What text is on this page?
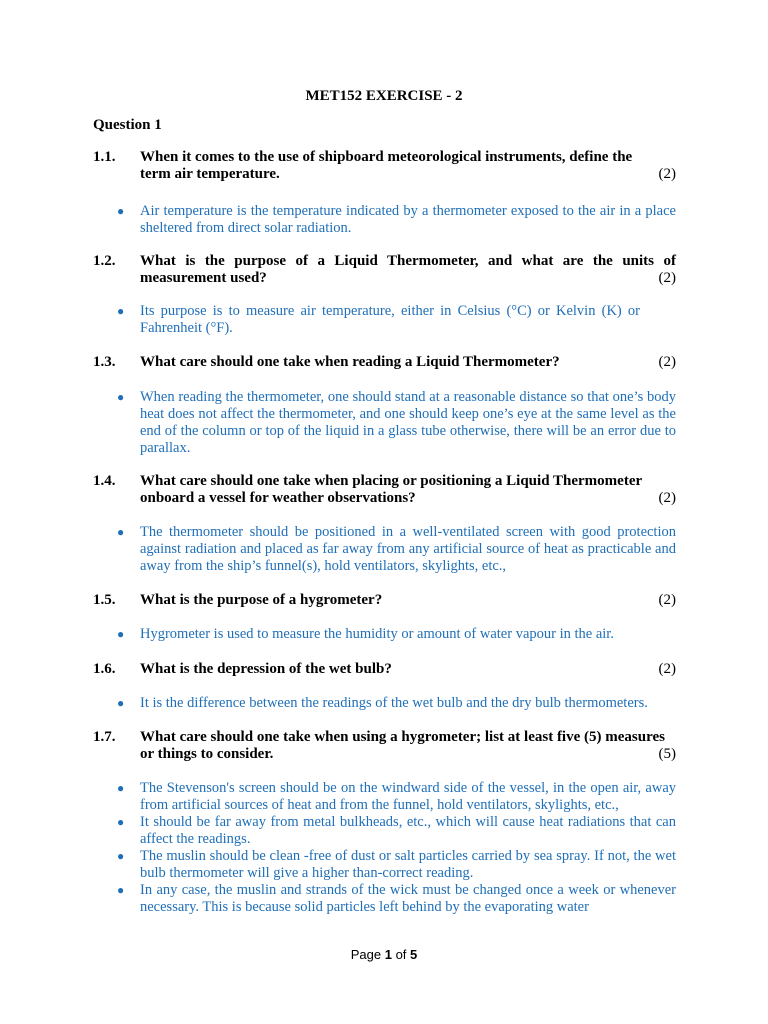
MET152 EXERCISE - 2
Question 1
1.1. When it comes to the use of shipboard meteorological instruments, define the
term air temperature.	(2)
● Air temperature is the temperature indicated by a thermometer exposed to the air in a place sheltered from direct solar radiation.
1.2. What is the purpose of a Liquid Thermometer, and what are the units of
measurement used?	(2)
● Its purpose is to measure air temperature, either in Celsius (°C) or Kelvin (K) or Fahrenheit (°F).
1.3. What care should one take when reading a Liquid Thermometer?	(2)
● When reading the thermometer, one should stand at a reasonable distance so that one’s body heat does not affect the thermometer, and one should keep one’s eye at the same level as the end of the column or top of the liquid in a glass tube otherwise, there will be an error due to parallax.
1.4. What care should one take when placing or positioning a Liquid Thermometer
onboard a vessel for weather observations?	(2)
● The thermometer should be positioned in a well-ventilated screen with good protection against radiation and placed as far away from any artificial source of heat as practicable and away from the ship’s funnel(s), hold ventilators, skylights, etc.,
1.5. What is the purpose of a hygrometer?	(2)
● Hygrometer is used to measure the humidity or amount of water vapour in the air.
1.6. What is the depression of the wet bulb?	(2)
● It is the difference between the readings of the wet bulb and the dry bulb thermometers.
1.7. What care should one take when using a hygrometer; list at least five (5) measures
or things to consider.	(5)
● The Stevenson's screen should be on the windward side of the vessel, in the open air, away from artificial sources of heat and from the funnel, hold ventilators, skylights, etc.,
● It should be far away from metal bulkheads, etc., which will cause heat radiations that can affect the readings.
● The muslin should be clean -free of dust or salt particles carried by sea spray. If not, the wet bulb thermometer will give a higher than-correct reading.
● In any case, the muslin and strands of the wick must be changed once a week or whenever necessary. This is because solid particles left behind by the evaporating water
Page 1 of 5
